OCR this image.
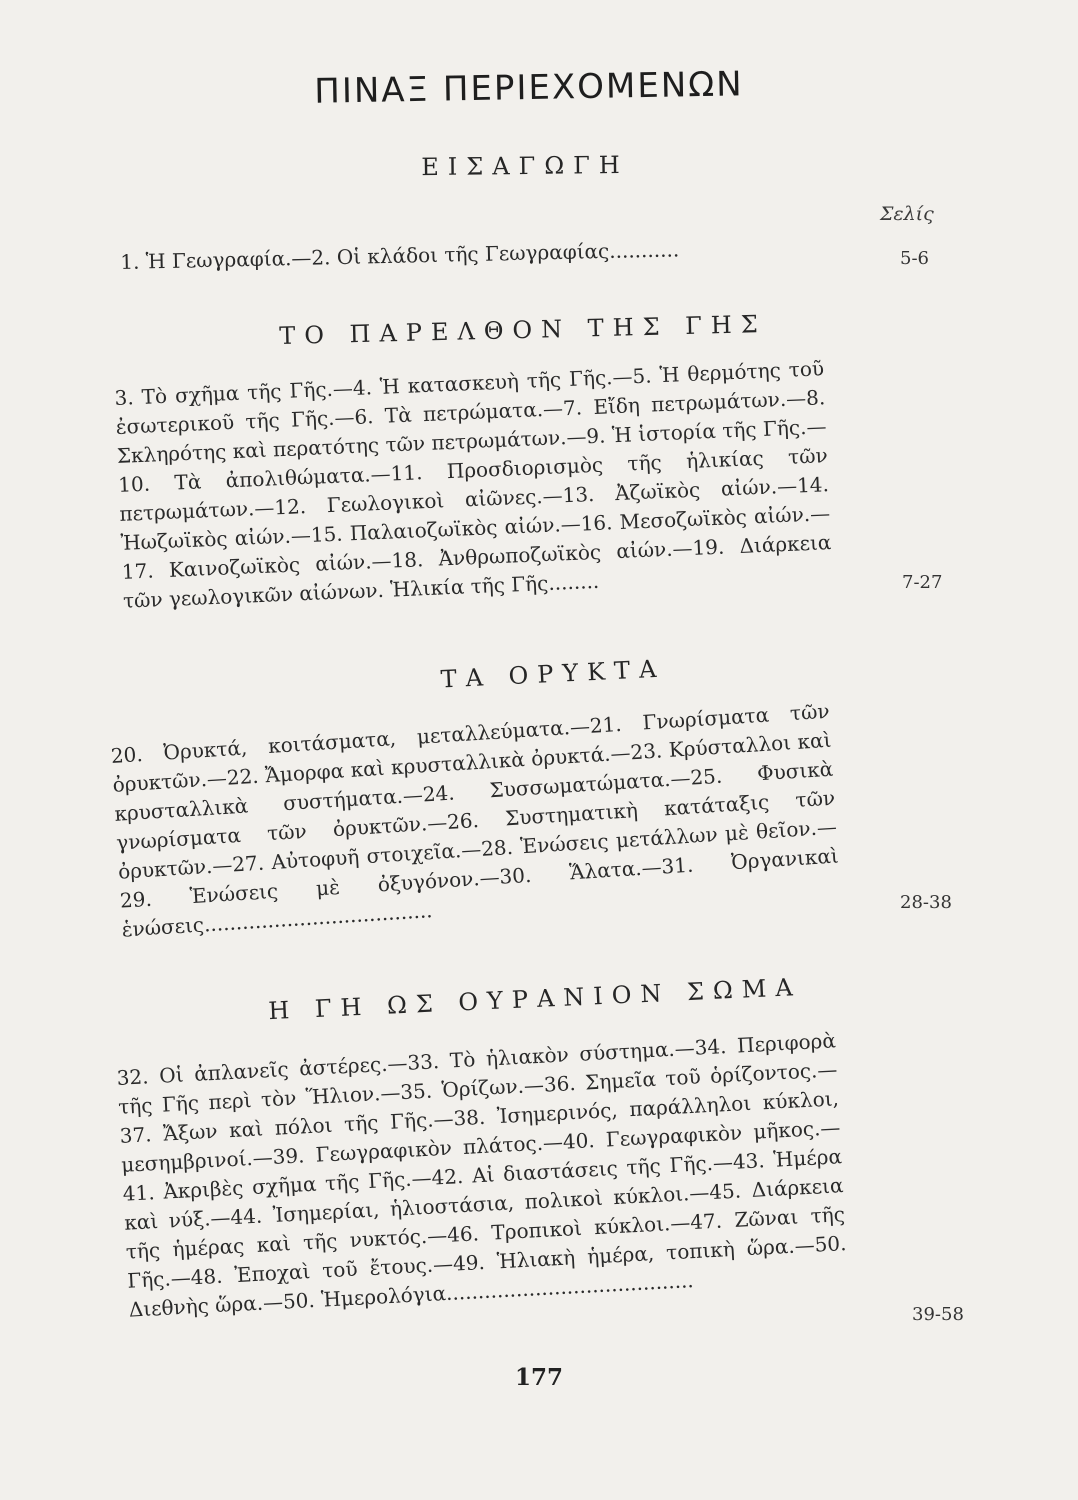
ΠΙΝΑΞ ΠΕΡΙΕΧΟΜΕΝΩΝ
ΕΙΣΑΓΩΓΗ
Σελίς
1. Ἡ Γεωγραφία.—2. Οἱ κλάδοι τῆς Γεωγραφίας...........	5-6
ΤΟ ΠΑΡΕΛΘΟΝ ΤΗΣ ΓΗΣ
3. Τὸ σχῆμα τῆς Γῆς.—4. Ἡ κατασκευὴ τῆς Γῆς.—5. Ἡ θερμότης τοῦ ἐσωτερικοῦ τῆς Γῆς.—6. Τὰ πετρώματα.—7. Εἴδη πετρωμάτων.—8. Σκληρότης καὶ περατότης τῶν πετρωμάτων.—9. Ἡ ἱστορία τῆς Γῆς.—10. Τὰ ἀπολιθώματα.—11. Προσδιορισμὸς τῆς ἡλικίας τῶν πετρωμάτων.—12. Γεωλογικοὶ αἰῶνες.—13. Ἀζωϊκὸς αἰών.—14. Ἠωζωϊκὸς αἰών.—15. Παλαιοζωϊκὸς αἰών.—16. Μεσοζωϊκὸς αἰών.—17. Καινοζωϊκὸς αἰών.—18. Ἀνθρωποζωϊκὸς αἰών.—19. Διάρκεια τῶν γεωλογικῶν αἰώνων. Ἡλικία τῆς Γῆς........	7-27
ΤΑ ΟΡΥΚΤΑ
20. Ὀρυκτά, κοιτάσματα, μεταλλεύματα.—21. Γνωρίσματα τῶν ὀρυκτῶν.—22. Ἄμορφα καὶ κρυσταλλικὰ ὀρυκτά.—23. Κρύσταλλοι καὶ κρυσταλλικὰ συστήματα.—24. Συσσωματώματα.—25. Φυσικὰ γνωρίσματα τῶν ὀρυκτῶν.—26. Συστηματικὴ κατάταξις τῶν ὀρυκτῶν.—27. Αὐτοφυῆ στοιχεῖα.—28. Ἑνώσεις μετάλλων μὲ θεῖον.—29. Ἑνώσεις μὲ ὀξυγόνον.—30. Ἅλατα.—31. Ὀργανικαὶ ἑνώσεις....................................	28-38
Η ΓΗ ΩΣ ΟΥΡΑΝΙΟΝ ΣΩΜΑ
32. Οἱ ἀπλανεῖς ἀστέρες.—33. Τὸ ἡλιακὸν σύστημα.—34. Περιφορὰ τῆς Γῆς περὶ τὸν Ἥλιον.—35. Ὁρίζων.—36. Σημεῖα τοῦ ὁρίζοντος.—37. Ἄξων καὶ πόλοι τῆς Γῆς.—38. Ἰσημερινός, παράλληλοι κύκλοι, μεσημβρινοί.—39. Γεωγραφικὸν πλάτος.—40. Γεωγραφικὸν μῆκος.—41. Ἀκριβὲς σχῆμα τῆς Γῆς.—42. Αἱ διαστάσεις τῆς Γῆς.—43. Ἡμέρα καὶ νύξ.—44. Ἰσημερίαι, ἡλιοστάσια, πολικοὶ κύκλοι.—45. Διάρκεια τῆς ἡμέρας καὶ τῆς νυκτός.—46. Τροπικοὶ κύκλοι.—47. Ζῶναι τῆς Γῆς.—48. Ἐποχαὶ τοῦ ἔτους.—49. Ἡλιακὴ ἡμέρα, τοπικὴ ὥρα.—50. Διεθνὴς ὥρα.—50. Ἡμερολόγια.......................................	39-58
177
